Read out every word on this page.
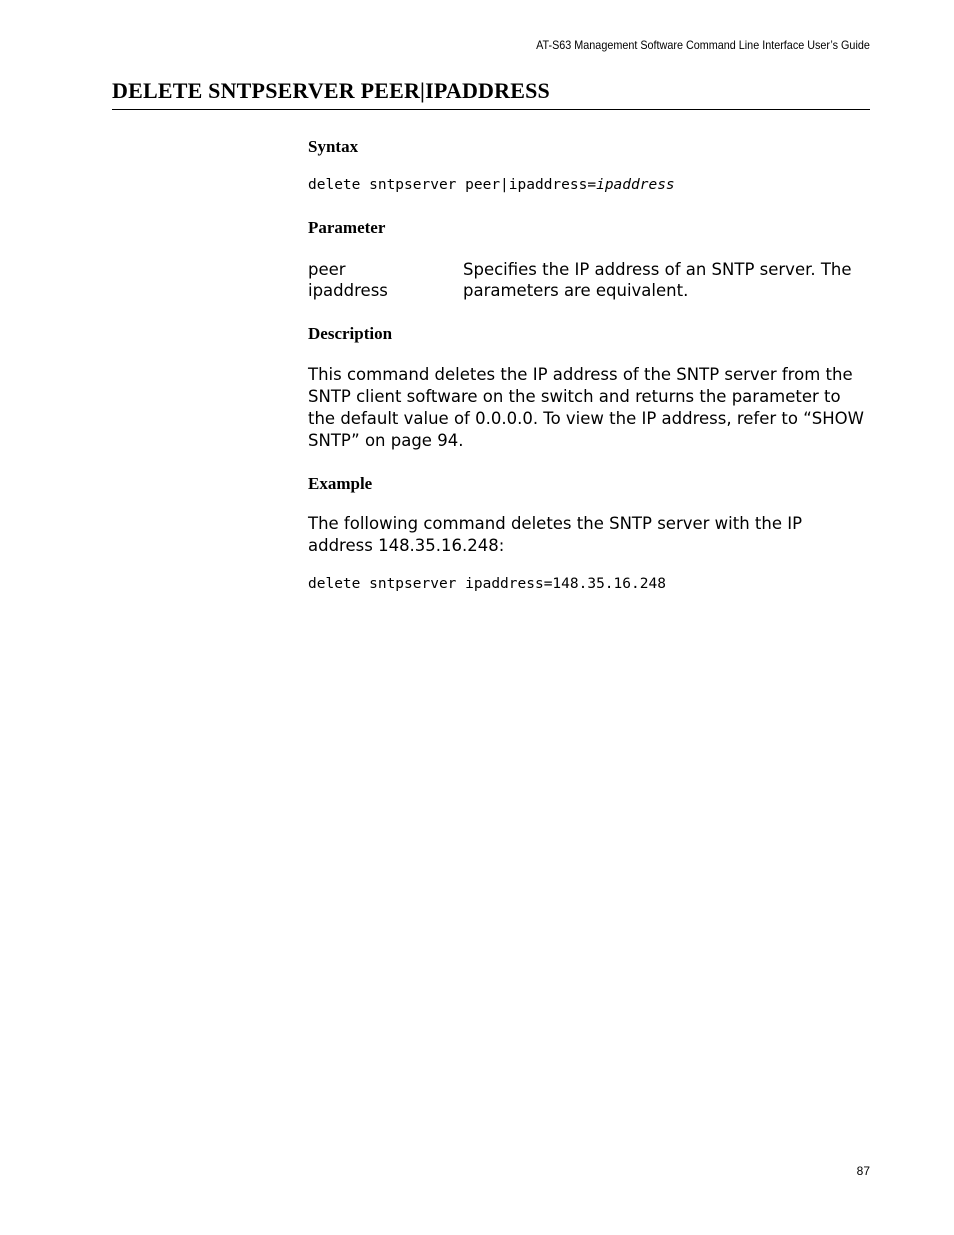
AT-S63 Management Software Command Line Interface User’s Guide
DELETE SNTPSERVER PEER|IPADDRESS
Syntax
delete sntpserver peer|ipaddress=ipaddress
Parameter
peer
ipaddress

Specifies the IP address of an SNTP server. The parameters are equivalent.

Description

This command deletes the IP address of the SNTP server from the SNTP client software on the switch and returns the parameter to the default value of 0.0.0.0. To view the IP address, refer to “SHOW SNTP” on page 94.

Example

The following command deletes the SNTP server with the IP address 148.35.16.248:

delete sntpserver ipaddress=148.35.16.248
87
